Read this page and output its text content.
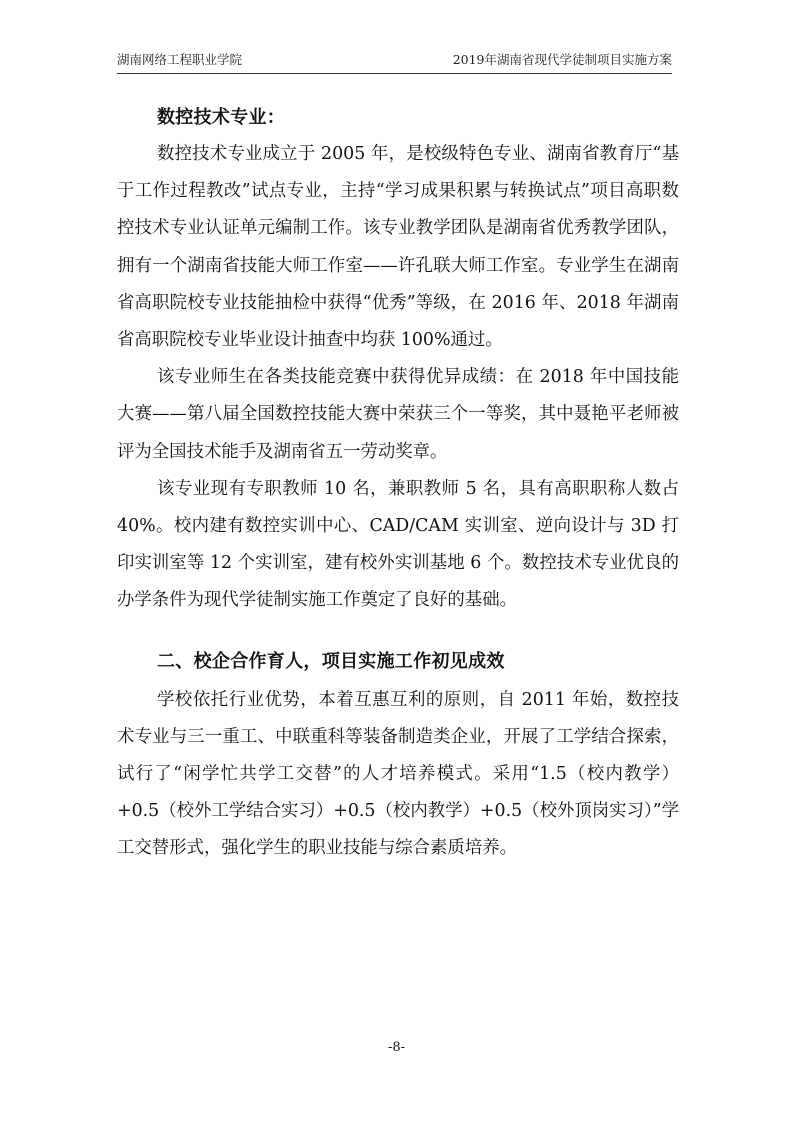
湖南网络工程职业学院	2019年湖南省现代学徒制项目实施方案
数控技术专业：

数控技术专业成立于 2005 年，是校级特色专业、湖南省教育厅“基于工作过程教改”试点专业，主持“学习成果积累与转换试点”项目高职数控技术专业认证单元编制工作。该专业教学团队是湖南省优秀教学团队，拥有一个湖南省技能大师工作室——许孔联大师工作室。专业学生在湖南省高职院校专业技能抽检中获得“优秀”等级，在 2016 年、2018 年湖南省高职院校专业毕业设计抽查中均获 100%通过。

该专业师生在各类技能竞赛中获得优异成绩：在 2018 年中国技能大赛——第八届全国数控技能大赛中荣获三个一等奖，其中聂艳平老师被评为全国技术能手及湖南省五一劳动奖章。

该专业现有专职教师 10 名，兼职教师 5 名，具有高职职称人数占 40%。校内建有数控实训中心、CAD/CAM 实训室、逆向设计与 3D 打印实训室等 12 个实训室，建有校外实训基地 6 个。数控技术专业优良的办学条件为现代学徒制实施工作奠定了良好的基础。

二、校企合作育人，项目实施工作初见成效

学校依托行业优势，本着互惠互利的原则，自 2011 年始，数控技术专业与三一重工、中联重科等装备制造类企业，开展了工学结合探索，试行了“闲学忙共学工交替”的人才培养模式。采用“1.5（校内教学）+0.5（校外工学结合实习）+0.5（校内教学）+0.5（校外顶岗实习）”学工交替形式，强化学生的职业技能与综合素质培养。

-8-
